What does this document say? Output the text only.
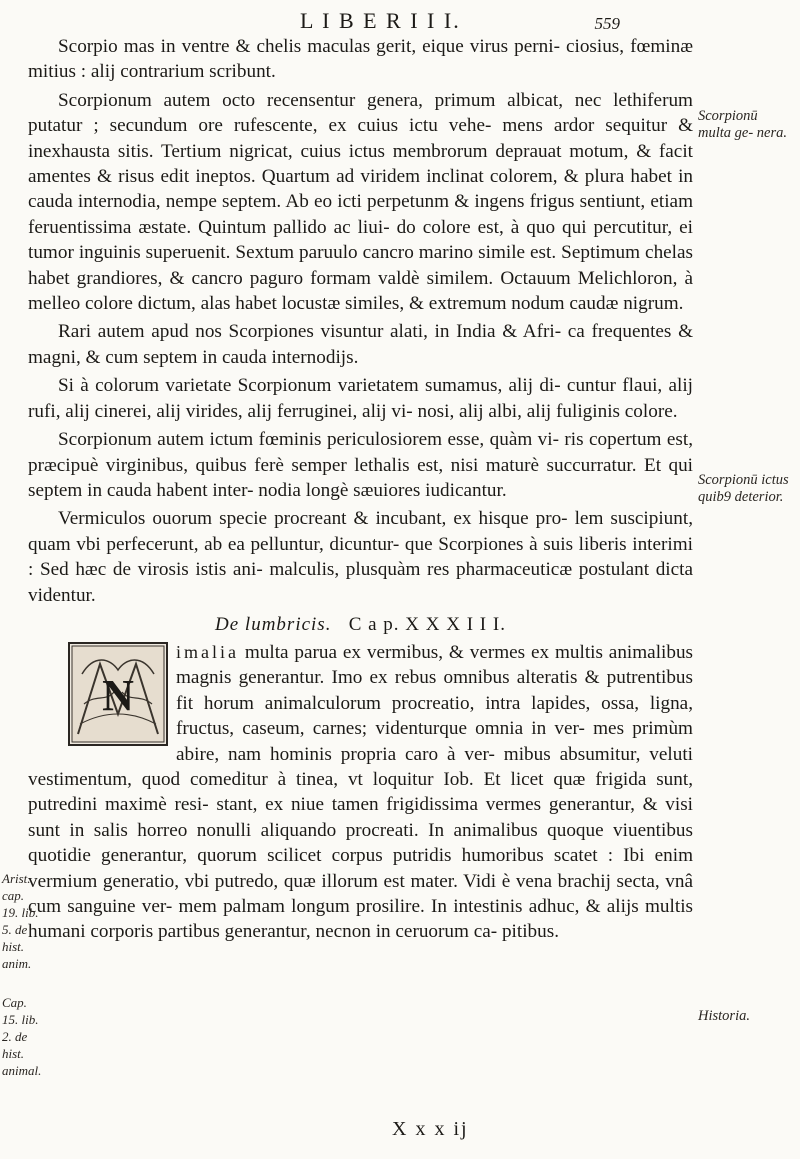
L I B E R I I I.	559

Scorpio mas in ventre & chelis maculas gerit, eique virus perni- ciosius, fœminæ mitius : alij contrarium scribunt.

Scorpionum autem octo recensentur genera, primum albicat, nec lethiferum putatur ; secundum ore rufescente, ex cuius ictu vehe- mens ardor sequitur & inexhausta sitis. Tertium nigricat, cuius ictus membrorum deprauat motum, & facit amentes & risus edit ineptos. Quartum ad viridem inclinat colorem, & plura habet in cauda internodia, nempe septem. Ab eo icti perpetunm & ingens frigus sentiunt, etiam feruentissima æstate. Quintum pallido ac liui- do colore est, à quo qui percutitur, ei tumor inguinis superuenit. Sextum paruulo cancro marino simile est. Septimum chelas habet grandiores, & cancro paguro formam valdè similem. Octauum Melichloron, à melleo colore dictum, alas habet locustæ similes, & extremum nodum caudæ nigrum.

Rari autem apud nos Scorpiones visuntur alati, in India & Afri- ca frequentes & magni, & cum septem in cauda internodijs.

Si à colorum varietate Scorpionum varietatem sumamus, alij di- cuntur flaui, alij rufi, alij cinerei, alij virides, alij ferruginei, alij vi- nosi, alij albi, alij fuliginis colore.

Scorpionum autem ictum fœminis periculosiorem esse, quàm vi- ris copertum est, præcipuè virginibus, quibus ferè semper lethalis est, nisi maturè succurratur. Et qui septem in cauda habent inter- nodia longè sæuiores iudicantur.

Vermiculos ouorum specie procreant & incubant, ex hisque pro- lem suscipiunt, quam vbi perfecerunt, ab ea pelluntur, dicuntur- que Scorpiones à suis liberis interimi : Sed hæc de virosis istis ani- malculis, plusquàm res pharmaceuticæ postulant dicta videntur.

De lumbricis. C a p. X X X I I I.
N

imalia multa parua ex vermibus, & vermes ex multis animalibus magnis generantur. Imo ex rebus omnibus alteratis & putrentibus fit horum animalculorum procreatio, intra lapides, ossa, ligna, fructus, caseum, carnes; videnturque omnia in ver- mes primùm abire, nam hominis propria caro à ver- mibus absumitur, veluti vestimentum, quod comeditur à tinea, vt loquitur Iob. Et licet quæ frigida sunt, putredini maximè resi- stant, ex niue tamen frigidissima vermes generantur, & visi sunt in salis horreo nonulli aliquando procreati. In animalibus quoque viuentibus quotidie generantur, quorum scilicet corpus putridis humoribus scatet : Ibi enim vermium generatio, vbi putredo, quæ illorum est mater. Vidi è vena brachij secta, vnâ cum sanguine ver- mem palmam longum prosilire. In intestinis adhuc, & alijs multis humani corporis partibus generantur, necnon in ceruorum ca- pitibus.

Scorpionū multa ge- nera.
Scorpionū ictus quib9 deterior.
Historia.
Arist. cap. 19. lib. 5. de hist. anim.
Cap. 15. lib. 2. de hist. animal.
X x x ij
